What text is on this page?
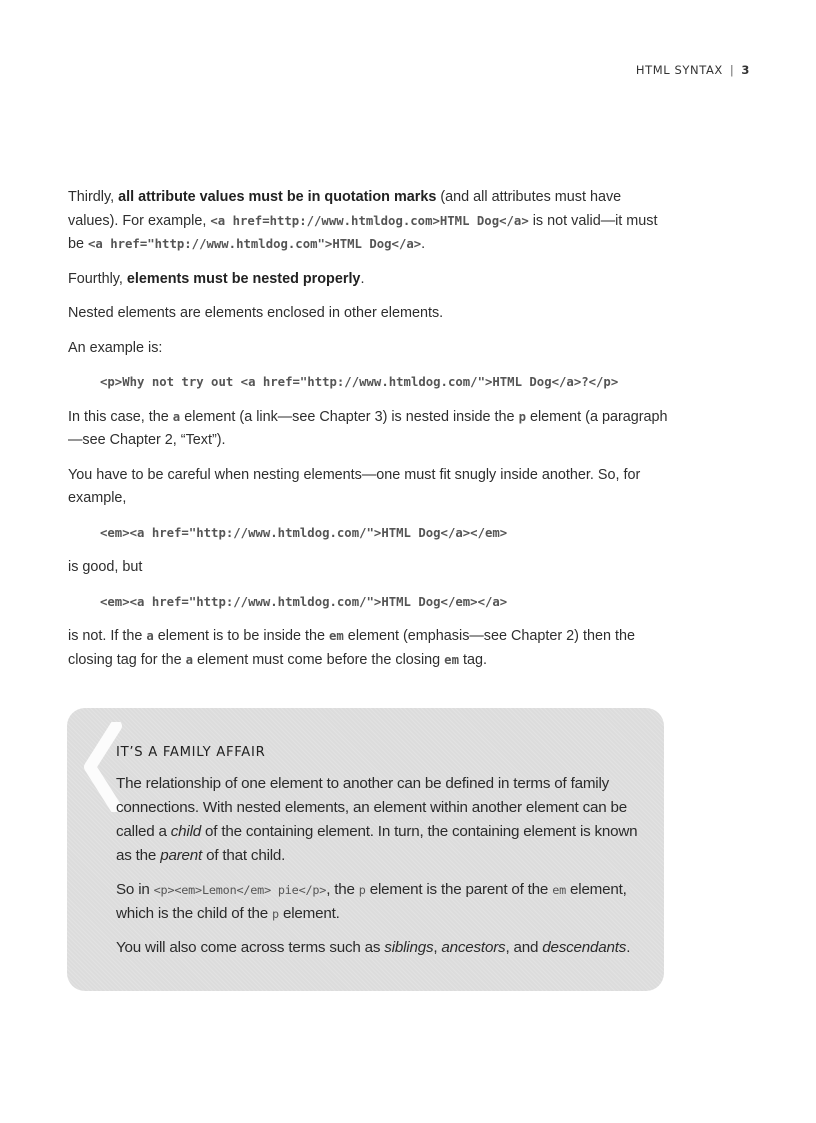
HTML SYNTAX | 3

Thirdly, all attribute values must be in quotation marks (and all attributes must have values). For example, <a href=http://www.htmldog.com>HTML Dog</a> is not valid—it must be <a href="http://www.htmldog.com">HTML Dog</a>.

Fourthly, elements must be nested properly.

Nested elements are elements enclosed in other elements.

An example is:

<p>Why not try out <a href="http://www.htmldog.com/">HTML Dog</a>?</p>

In this case, the a element (a link—see Chapter 3) is nested inside the p element (a paragraph—see Chapter 2, “Text”).

You have to be careful when nesting elements—one must fit snugly inside another. So, for example,

<em><a href="http://www.htmldog.com/">HTML Dog</a></em>

is good, but

<em><a href="http://www.htmldog.com/">HTML Dog</em></a>

is not. If the a element is to be inside the em element (emphasis—see Chapter 2) then the closing tag for the a element must come before the closing em tag.

IT’S A FAMILY AFFAIR

The relationship of one element to another can be defined in terms of family connections. With nested elements, an element within another element can be called a child of the containing element. In turn, the containing element is known as the parent of that child.

So in <p><em>Lemon</em> pie</p>, the p element is the parent of the em element, which is the child of the p element.

You will also come across terms such as siblings, ancestors, and descendants.
